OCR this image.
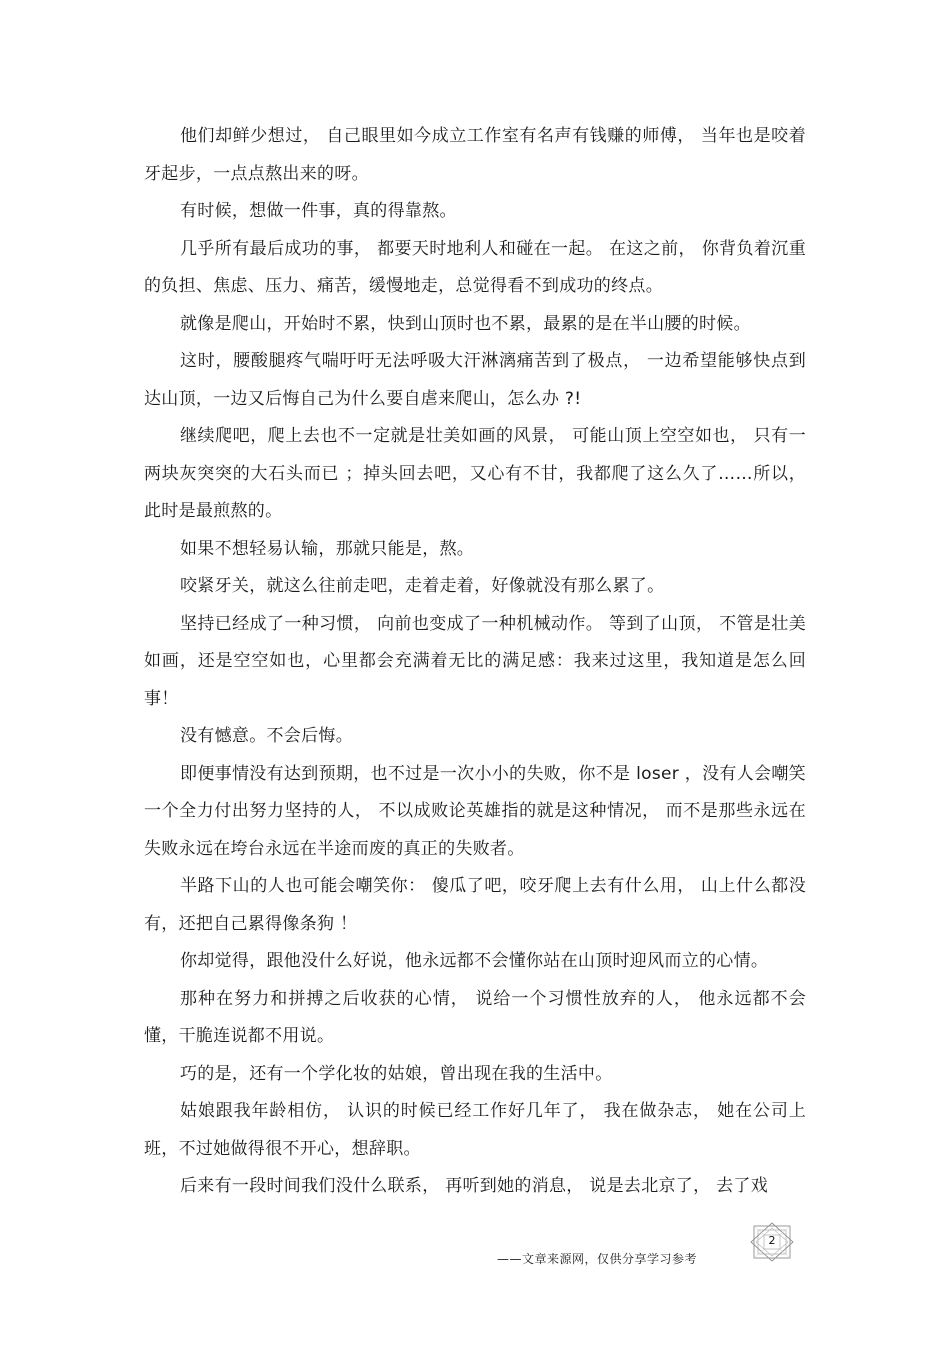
他们却鲜少想过， 自己眼里如今成立工作室有名声有钱赚的师傅， 当年也是咬着牙起步，一点点熬出来的呀。

有时候，想做一件事，真的得靠熬。

几乎所有最后成功的事， 都要天时地利人和碰在一起。 在这之前， 你背负着沉重的负担、焦虑、压力、痛苦，缓慢地走，总觉得看不到成功的终点。

就像是爬山，开始时不累，快到山顶时也不累，最累的是在半山腰的时候。

这时，腰酸腿疼气喘吁吁无法呼吸大汗淋漓痛苦到了极点， 一边希望能够快点到达山顶，一边又后悔自己为什么要自虐来爬山，怎么办 ?!

继续爬吧，爬上去也不一定就是壮美如画的风景， 可能山顶上空空如也， 只有一两块灰突突的大石头而已 ；掉头回去吧，又心有不甘，我都爬了这么久了……所以，此时是最煎熬的。

如果不想轻易认输，那就只能是，熬。

咬紧牙关，就这么往前走吧，走着走着，好像就没有那么累了。

坚持已经成了一种习惯， 向前也变成了一种机械动作。 等到了山顶， 不管是壮美如画，还是空空如也，心里都会充满着无比的满足感：我来过这里，我知道是怎么回事！

没有憾意。不会后悔。

即便事情没有达到预期，也不过是一次小小的失败，你不是 loser ，没有人会嘲笑一个全力付出努力坚持的人， 不以成败论英雄指的就是这种情况， 而不是那些永远在失败永远在垮台永远在半途而废的真正的失败者。

半路下山的人也可能会嘲笑你： 傻瓜了吧，咬牙爬上去有什么用， 山上什么都没有，还把自己累得像条狗 ！

你却觉得，跟他没什么好说，他永远都不会懂你站在山顶时迎风而立的心情。

那种在努力和拼搏之后收获的心情， 说给一个习惯性放弃的人， 他永远都不会懂，干脆连说都不用说。

巧的是，还有一个学化妆的姑娘，曾出现在我的生活中。

姑娘跟我年龄相仿， 认识的时候已经工作好几年了， 我在做杂志， 她在公司上班，不过她做得很不开心，想辞职。

后来有一段时间我们没什么联系， 再听到她的消息， 说是去北京了， 去了戏

——文章来源网，仅供分享学习参考
2
